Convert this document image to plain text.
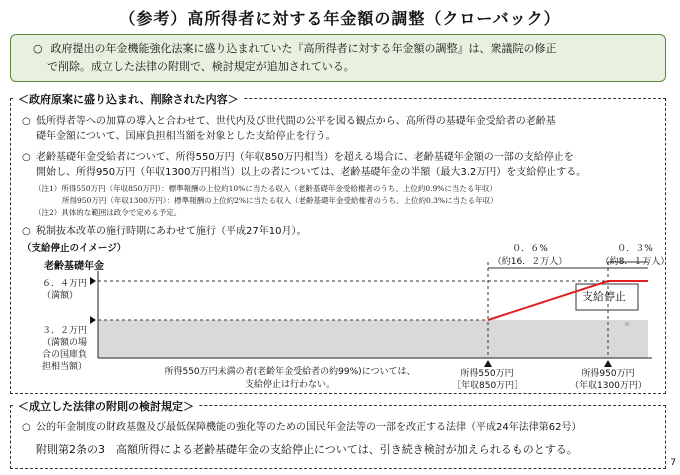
（参考）高所得者に対する年金額の調整（クローバック）
○ 政府提出の年金機能強化法案に盛り込まれていた『高所得者に対する年金額の調整』は、衆議院の修正
で削除。成立した法律の附則で、検討規定が追加されている。
＜政府原案に盛り込まれ、削除された内容＞
○ 低所得者等への加算の導入と合わせて、世代内及び世代間の公平を図る観点から、高所得の基礎年金受給者の老齢基
礎年金額について、国庫負担相当額を対象とした支給停止を行う。
○ 老齢基礎年金受給者について、所得550万円（年収850万円相当）を超える場合に、老齢基礎年金額の一部の支給停止を
開始し、所得950万円（年収1300万円相当）以上の者については、老齢基礎年金の半額（最大3.2万円）を支給停止する。
（注1）所得550万円（年収850万円）：標準報酬の上位約10%に当たる収入（老齢基礎年金受給権者のうち、上位約0.9%に当たる年収）
所得950万円（年収1300万円）：標準報酬の上位約2%に当たる収入（老齢基礎年金受給権者のうち、上位約0.3%に当たる年収）
（注2）具体的な範囲は政令で定める予定。
○ 税制抜本改革の施行時期にあわせて施行（平成27年10月）。
（支給停止のイメージ）
老齢基礎年金
»
６．４万円
（満額）
３．２万円
（満額の場
合の国庫負
担相当額）
０．６%
（約16．２万人）
０．３%
（約8．１万人）
支給停止
所得550万円未満の者(老齢年金受給者の約99%)については、
支給停止は行わない。
所得550万円
［年収850万円］
所得950万円
（年収1300万円）
＜成立した法律の附則の検討規定＞
○ 公的年金制度の財政基盤及び最低保障機能の強化等のための国民年金法等の一部を改正する法律（平成24年法律第62号）
附則第2条の3　 高額所得による老齢基礎年金の支給停止については、引き続き検討が加えられるものとする。
7
